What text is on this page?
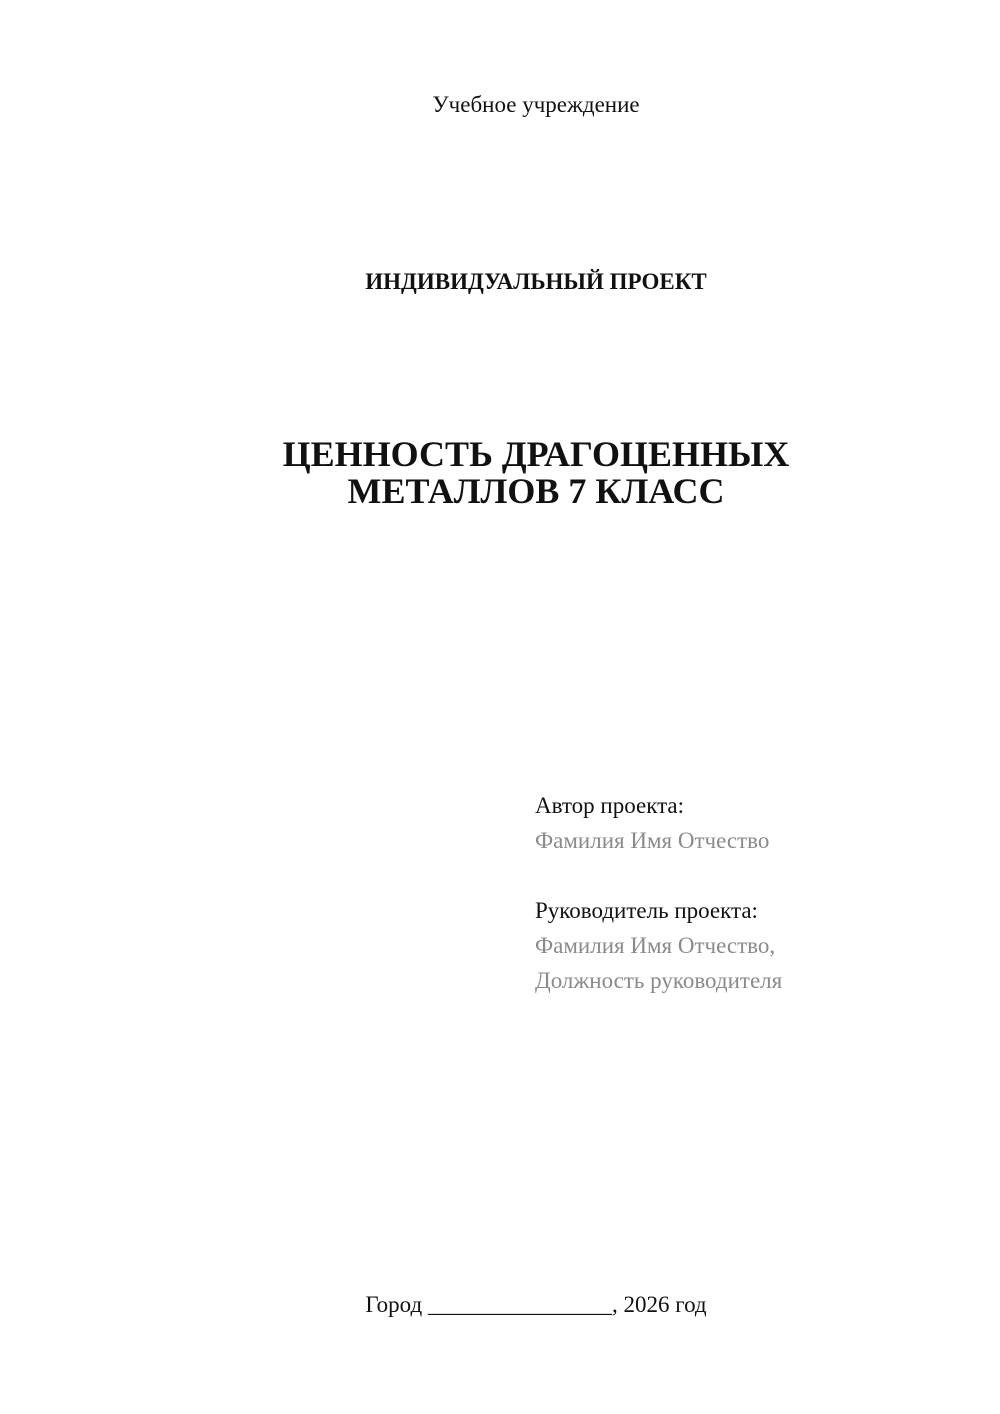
Учебное учреждение
ИНДИВИДУАЛЬНЫЙ ПРОЕКТ
ЦЕННОСТЬ ДРАГОЦЕННЫХ
МЕТАЛЛОВ 7 КЛАСС
Автор проекта:
Фамилия Имя Отчество
Руководитель проекта:
Фамилия Имя Отчество,
Должность руководителя
Город ________________, 2026 год
